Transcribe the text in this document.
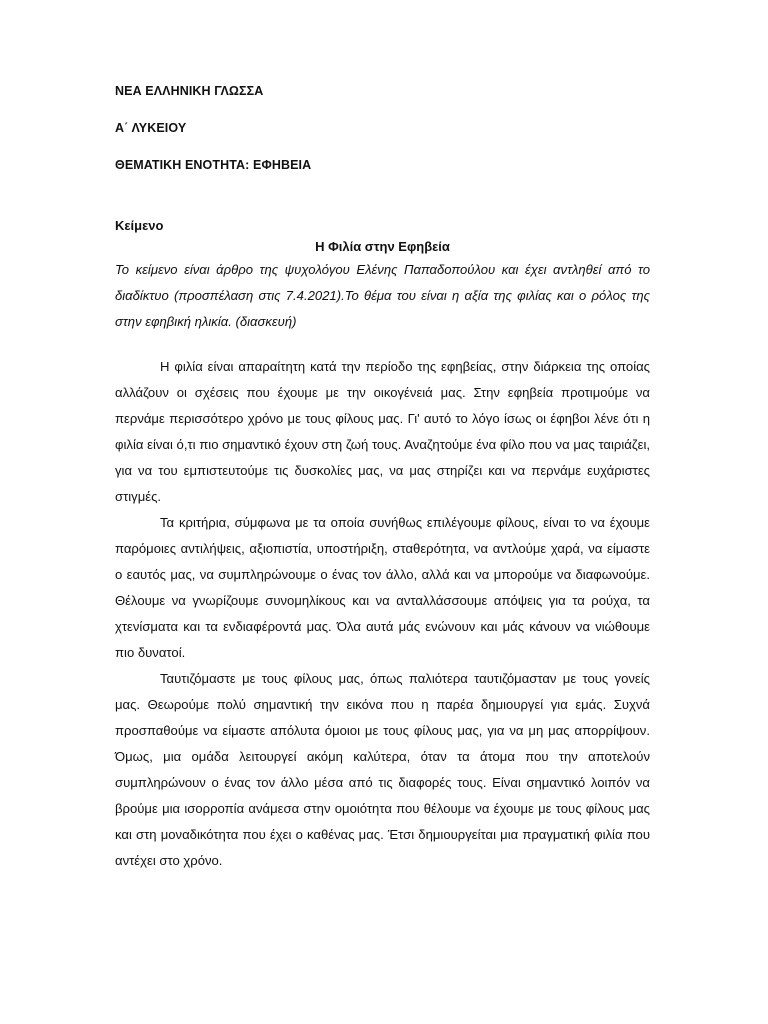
ΝΕΑ ΕΛΛΗΝΙΚΗ ΓΛΩΣΣΑ

Α΄ ΛΥΚΕΙΟΥ

ΘΕΜΑΤΙΚΗ ΕΝΟΤΗΤΑ: ΕΦΗΒΕΙΑ

Κείμενο

Η Φιλία στην Εφηβεία

Το κείμενο είναι άρθρο της ψυχολόγου Ελένης Παπαδοπούλου και έχει αντληθεί από το διαδίκτυο (προσπέλαση στις 7.4.2021).Το θέμα του είναι η αξία της φιλίας και ο ρόλος της στην εφηβική ηλικία. (διασκευή)

Η φιλία είναι απαραίτητη κατά την περίοδο της εφηβείας, στην διάρκεια της οποίας αλλάζουν οι σχέσεις που έχουμε με την οικογένειά μας. Στην εφηβεία προτιμούμε να περνάμε περισσότερο χρόνο με τους φίλους μας. Γι' αυτό το λόγο ίσως οι έφηβοι λένε ότι η φιλία είναι ό,τι πιο σημαντικό έχουν στη ζωή τους. Αναζητούμε ένα φίλο που να μας ταιριάζει, για να του εμπιστευτούμε τις δυσκολίες μας, να μας στηρίζει και να περνάμε ευχάριστες στιγμές.

Τα κριτήρια, σύμφωνα με τα οποία συνήθως επιλέγουμε φίλους, είναι το να έχουμε παρόμοιες αντιλήψεις, αξιοπιστία, υποστήριξη, σταθερότητα, να αντλούμε χαρά, να είμαστε ο εαυτός μας, να συμπληρώνουμε ο ένας τον άλλο, αλλά και να μπορούμε να διαφωνούμε. Θέλουμε να γνωρίζουμε συνομηλίκους και να ανταλλάσσουμε απόψεις για τα ρούχα, τα χτενίσματα και τα ενδιαφέροντά μας. Όλα αυτά μάς ενώνουν και μάς κάνουν να νιώθουμε πιο δυνατοί.

Ταυτιζόμαστε με τους φίλους μας, όπως παλιότερα ταυτιζόμασταν με τους γονείς μας. Θεωρούμε πολύ σημαντική την εικόνα που η παρέα δημιουργεί για εμάς. Συχνά προσπαθούμε να είμαστε απόλυτα όμοιοι με τους φίλους μας, για να μη μας απορρίψουν. Όμως, μια ομάδα λειτουργεί ακόμη καλύτερα, όταν τα άτομα που την αποτελούν συμπληρώνουν ο ένας τον άλλο μέσα από τις διαφορές τους. Είναι σημαντικό λοιπόν να βρούμε μια ισορροπία ανάμεσα στην ομοιότητα που θέλουμε να έχουμε με τους φίλους μας και στη μοναδικότητα που έχει ο καθένας μας. Έτσι δημιουργείται μια πραγματική φιλία που αντέχει στο χρόνο.
